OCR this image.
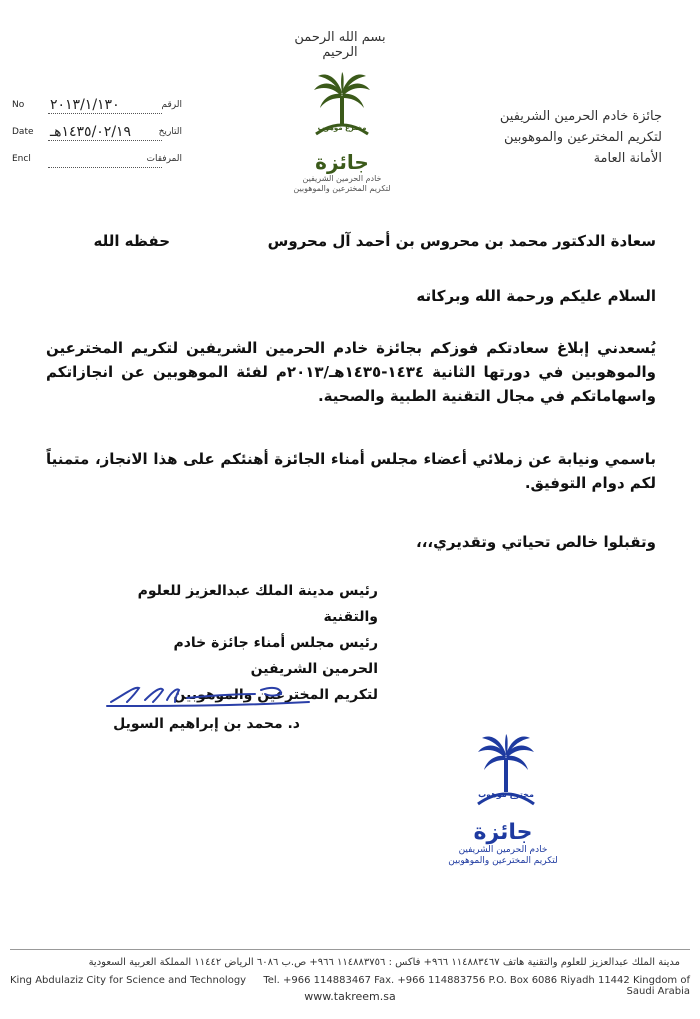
بسم الله الرحمن الرحيم
No ٢٠١٣/١/١٣٠	الرقم
Date ١٤٣٥/٠٢/١٩هـ	التاريخ
Encl	المرفقات	جائزة
خادم الحرمين الشريفين
لتكريم المخترعين والموهوبين
مخترع موهوب
جائزة خادم الحرمين الشريفين
لتكريم المخترعين والموهوبين
الأمانة العامة
سعادة الدكتور محمد بن محروس بن أحمد آل محروس
حفظه الله
السلام عليكم ورحمة الله وبركاته
يُسعدني إبلاغ سعادتكم فوزكم بجائزة خادم الحرمين الشريفين لتكريم المخترعين والموهوبين في دورتها الثانية ١٤٣٤-١٤٣٥هـ/٢٠١٣م لفئة الموهوبين عن انجازاتكم واسهاماتكم في مجال التقنية الطبية والصحية.
باسمي ونيابة عن زملائي أعضاء مجلس أمناء الجائزة أهنئكم على هذا الانجاز، متمنياً لكم دوام التوفيق.
وتقبلوا خالص تحياتي وتقديري،،،
رئيس مدينة الملك عبدالعزيز للعلوم والتقنية
رئيس مجلس أمناء جائزة خادم الحرمين الشريفين
لتكريم المخترعين والموهوبين
د. محمد بن إبراهيم السويل
مخترع موهوب
جائزة
خادم الحرمين الشريفين
لتكريم المخترعين والموهوبين
مدينة الملك عبدالعزيز للعلوم والتقنية هاتف ١١٤٨٨٣٤٦٧ ٩٦٦+ فاكس : ١١٤٨٨٣٧٥٦ ٩٦٦+ ص.ب ٦٠٨٦ الرياض ١١٤٤٢ المملكة العربية السعودية
King Abdulaziz City for Science and Technology	Tel. +966 114883467 Fax. +966 114883756 P.O. Box 6086 Riyadh 11442 Kingdom of Saudi Arabia
www.takreem.sa
